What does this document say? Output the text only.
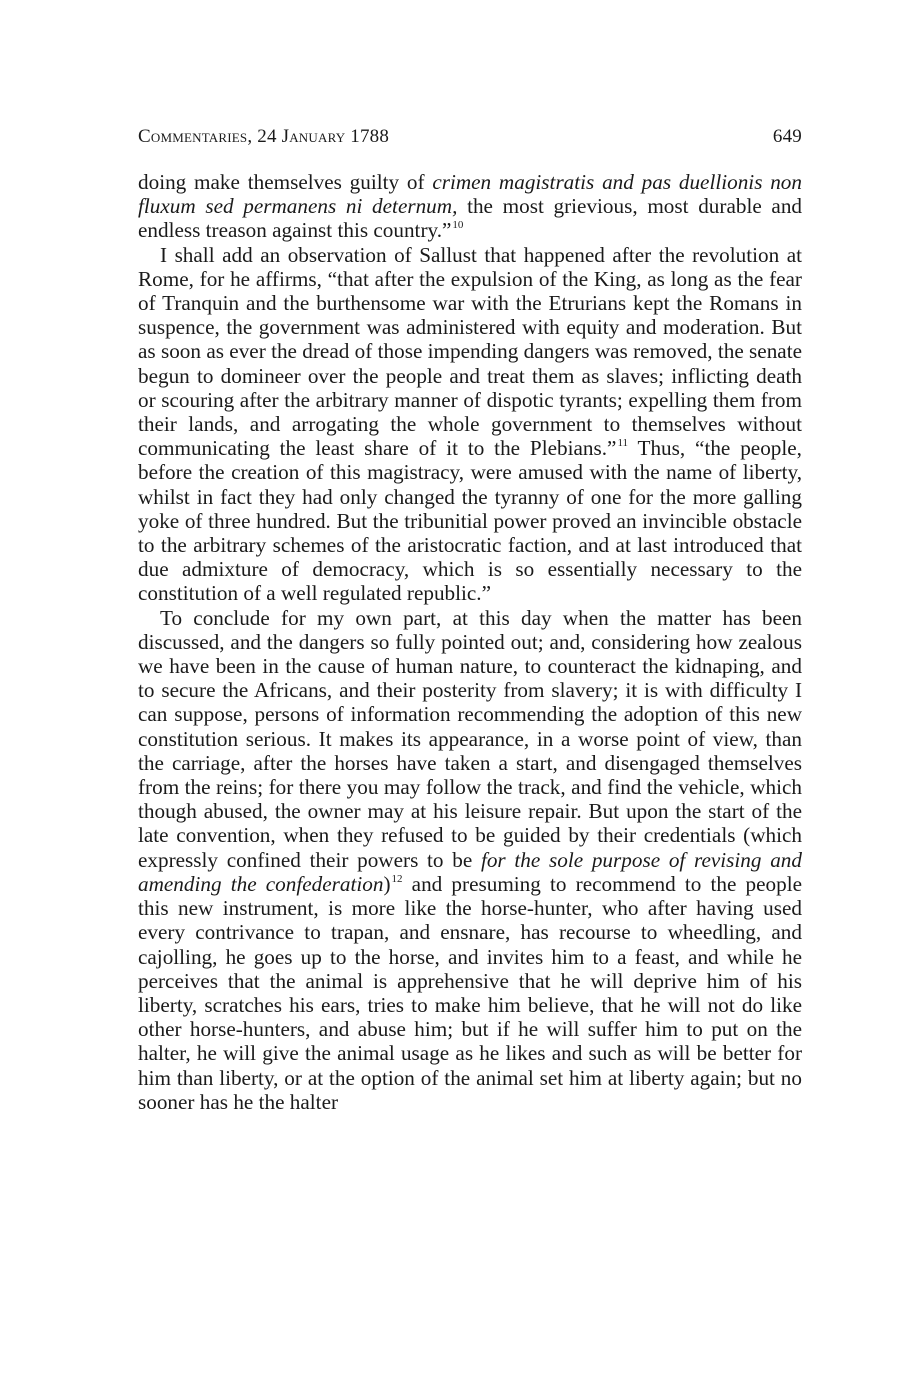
Commentaries, 24 January 1788	649

doing make themselves guilty of crimen magistratis and pas duellionis non fluxum sed permanens ni deternum, the most grievious, most durable and endless treason against this country.”$^{10}$

I shall add an observation of Sallust that happened after the revolution at Rome, for he affirms, “that after the expulsion of the King, as long as the fear of Tranquin and the burthensome war with the Etrurians kept the Romans in suspence, the government was administered with equity and moderation. But as soon as ever the dread of those impending dangers was removed, the senate begun to domineer over the people and treat them as slaves; inflicting death or scouring after the arbitrary manner of dispotic tyrants; expelling them from their lands, and arrogating the whole government to themselves without communicating the least share of it to the Plebians.”$^{11}$ Thus, “the people, before the creation of this magistracy, were amused with the name of liberty, whilst in fact they had only changed the tyranny of one for the more galling yoke of three hundred. But the tribunitial power proved an invincible obstacle to the arbitrary schemes of the aristocratic faction, and at last introduced that due admixture of democracy, which is so essentially necessary to the constitution of a well regulated republic.”

To conclude for my own part, at this day when the matter has been discussed, and the dangers so fully pointed out; and, considering how zealous we have been in the cause of human nature, to counteract the kidnaping, and to secure the Africans, and their posterity from slavery; it is with difficulty I can suppose, persons of information recommending the adoption of this new constitution serious. It makes its appearance, in a worse point of view, than the carriage, after the horses have taken a start, and disengaged themselves from the reins; for there you may follow the track, and find the vehicle, which though abused, the owner may at his leisure repair. But upon the start of the late convention, when they refused to be guided by their credentials (which expressly confined their powers to be for the sole purpose of revising and amending the confederation)$^{12}$ and presuming to recommend to the people this new instrument, is more like the horse-hunter, who after having used every contrivance to trapan, and ensnare, has recourse to wheedling, and cajolling, he goes up to the horse, and invites him to a feast, and while he perceives that the animal is apprehensive that he will deprive him of his liberty, scratches his ears, tries to make him believe, that he will not do like other horse-hunters, and abuse him; but if he will suffer him to put on the halter, he will give the animal usage as he likes and such as will be better for him than liberty, or at the option of the animal set him at liberty again; but no sooner has he the halter
